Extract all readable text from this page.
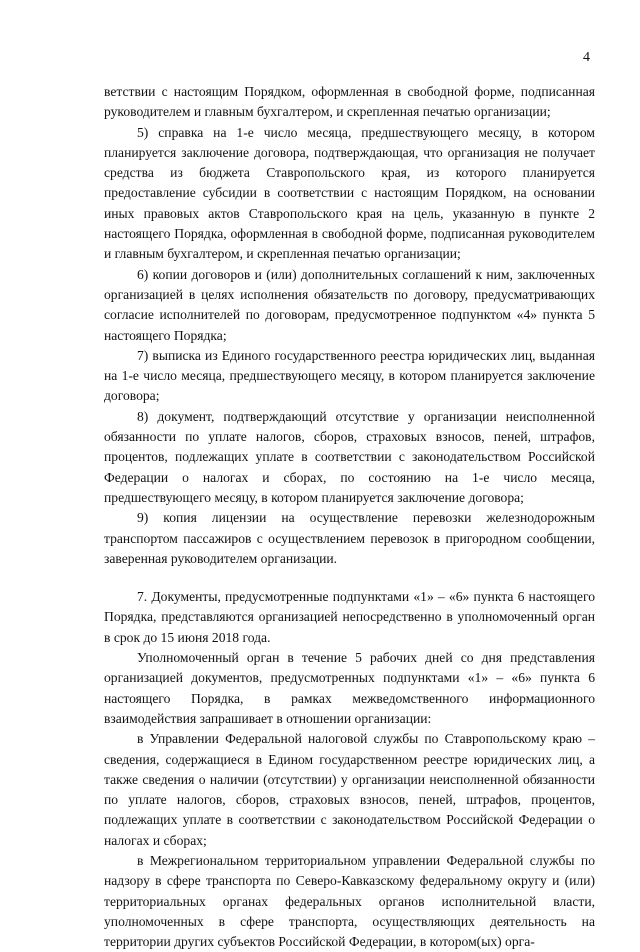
4

ветствии с настоящим Порядком, оформленная в свободной форме, подписанная руководителем и главным бухгалтером, и скрепленная печатью организации;

5) справка на 1-е число месяца, предшествующего месяцу, в котором планируется заключение договора, подтверждающая, что организация не получает средства из бюджета Ставропольского края, из которого планируется предоставление субсидии в соответствии с настоящим Порядком, на основании иных правовых актов Ставропольского края на цель, указанную в пункте 2 настоящего Порядка, оформленная в свободной форме, подписанная руководителем и главным бухгалтером, и скрепленная печатью организации;

6) копии договоров и (или) дополнительных соглашений к ним, заключенных организацией в целях исполнения обязательств по договору, предусматривающих согласие исполнителей по договорам, предусмотренное подпунктом «4» пункта 5 настоящего Порядка;

7) выписка из Единого государственного реестра юридических лиц, выданная на 1-е число месяца, предшествующего месяцу, в котором планируется заключение договора;

8) документ, подтверждающий отсутствие у организации неисполненной обязанности по уплате налогов, сборов, страховых взносов, пеней, штрафов, процентов, подлежащих уплате в соответствии с законодательством Российской Федерации о налогах и сборах, по состоянию на 1-е число месяца, предшествующего месяцу, в котором планируется заключение договора;

9) копия лицензии на осуществление перевозки железнодорожным транспортом пассажиров с осуществлением перевозок в пригородном сообщении, заверенная руководителем организации.

7. Документы, предусмотренные подпунктами «1» – «6» пункта 6 настоящего Порядка, представляются организацией непосредственно в уполномоченный орган в срок до 15 июня 2018 года.

Уполномоченный орган в течение 5 рабочих дней со дня представления организацией документов, предусмотренных подпунктами «1» – «6» пункта 6 настоящего Порядка, в рамках межведомственного информационного взаимодействия запрашивает в отношении организации:

в Управлении Федеральной налоговой службы по Ставропольскому краю – сведения, содержащиеся в Едином государственном реестре юридических лиц, а также сведения о наличии (отсутствии) у организации неисполненной обязанности по уплате налогов, сборов, страховых взносов, пеней, штрафов, процентов, подлежащих уплате в соответствии с законодательством Российской Федерации о налогах и сборах;

в Межрегиональном территориальном управлении Федеральной службы по надзору в сфере транспорта по Северо-Кавказскому федеральному округу и (или) территориальных органах федеральных органов исполнительной власти, уполномоченных в сфере транспорта, осуществляющих деятельность на территории других субъектов Российской Федерации, в котором(ых) орга-
